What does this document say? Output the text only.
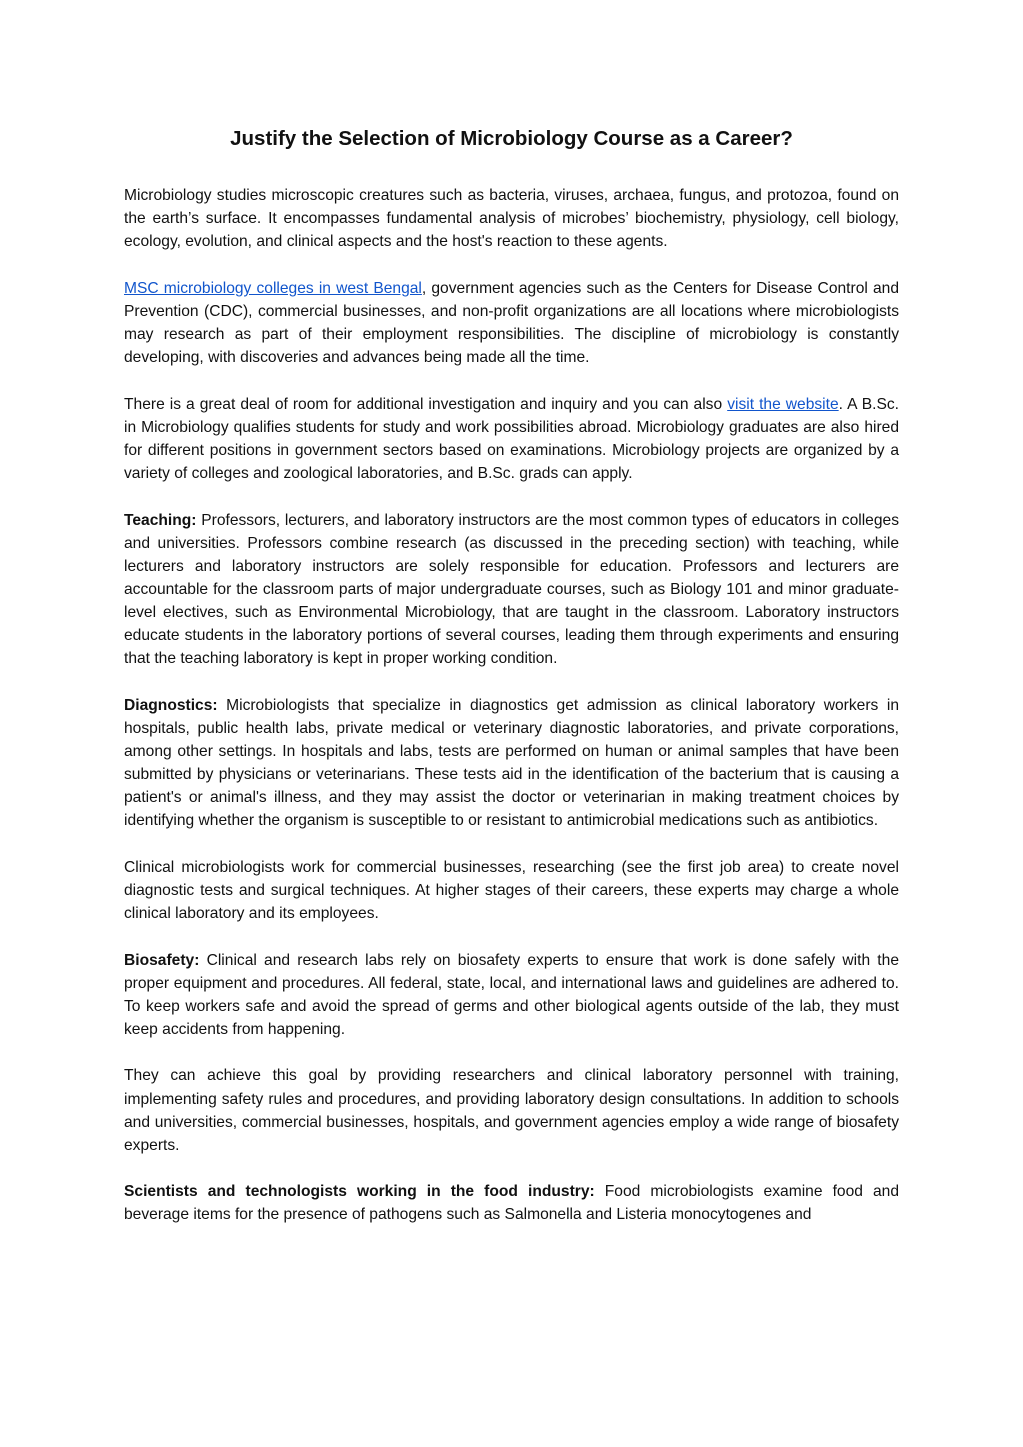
Justify the Selection of Microbiology Course as a Career?

Microbiology studies microscopic creatures such as bacteria, viruses, archaea, fungus, and protozoa, found on the earth’s surface. It encompasses fundamental analysis of microbes’ biochemistry, physiology, cell biology, ecology, evolution, and clinical aspects and the host's reaction to these agents.

MSC microbiology colleges in west Bengal, government agencies such as the Centers for Disease Control and Prevention (CDC), commercial businesses, and non-profit organizations are all locations where microbiologists may research as part of their employment responsibilities. The discipline of microbiology is constantly developing, with discoveries and advances being made all the time.

There is a great deal of room for additional investigation and inquiry and you can also visit the website. A B.Sc. in Microbiology qualifies students for study and work possibilities abroad. Microbiology graduates are also hired for different positions in government sectors based on examinations. Microbiology projects are organized by a variety of colleges and zoological laboratories, and B.Sc. grads can apply.

Teaching: Professors, lecturers, and laboratory instructors are the most common types of educators in colleges and universities. Professors combine research (as discussed in the preceding section) with teaching, while lecturers and laboratory instructors are solely responsible for education. Professors and lecturers are accountable for the classroom parts of major undergraduate courses, such as Biology 101 and minor graduate-level electives, such as Environmental Microbiology, that are taught in the classroom. Laboratory instructors educate students in the laboratory portions of several courses, leading them through experiments and ensuring that the teaching laboratory is kept in proper working condition.

Diagnostics: Microbiologists that specialize in diagnostics get admission as clinical laboratory workers in hospitals, public health labs, private medical or veterinary diagnostic laboratories, and private corporations, among other settings. In hospitals and labs, tests are performed on human or animal samples that have been submitted by physicians or veterinarians. These tests aid in the identification of the bacterium that is causing a patient's or animal's illness, and they may assist the doctor or veterinarian in making treatment choices by identifying whether the organism is susceptible to or resistant to antimicrobial medications such as antibiotics.

Clinical microbiologists work for commercial businesses, researching (see the first job area) to create novel diagnostic tests and surgical techniques. At higher stages of their careers, these experts may charge a whole clinical laboratory and its employees.

Biosafety: Clinical and research labs rely on biosafety experts to ensure that work is done safely with the proper equipment and procedures. All federal, state, local, and international laws and guidelines are adhered to. To keep workers safe and avoid the spread of germs and other biological agents outside of the lab, they must keep accidents from happening.

They can achieve this goal by providing researchers and clinical laboratory personnel with training, implementing safety rules and procedures, and providing laboratory design consultations. In addition to schools and universities, commercial businesses, hospitals, and government agencies employ a wide range of biosafety experts.

Scientists and technologists working in the food industry: Food microbiologists examine food and beverage items for the presence of pathogens such as Salmonella and Listeria monocytogenes and
